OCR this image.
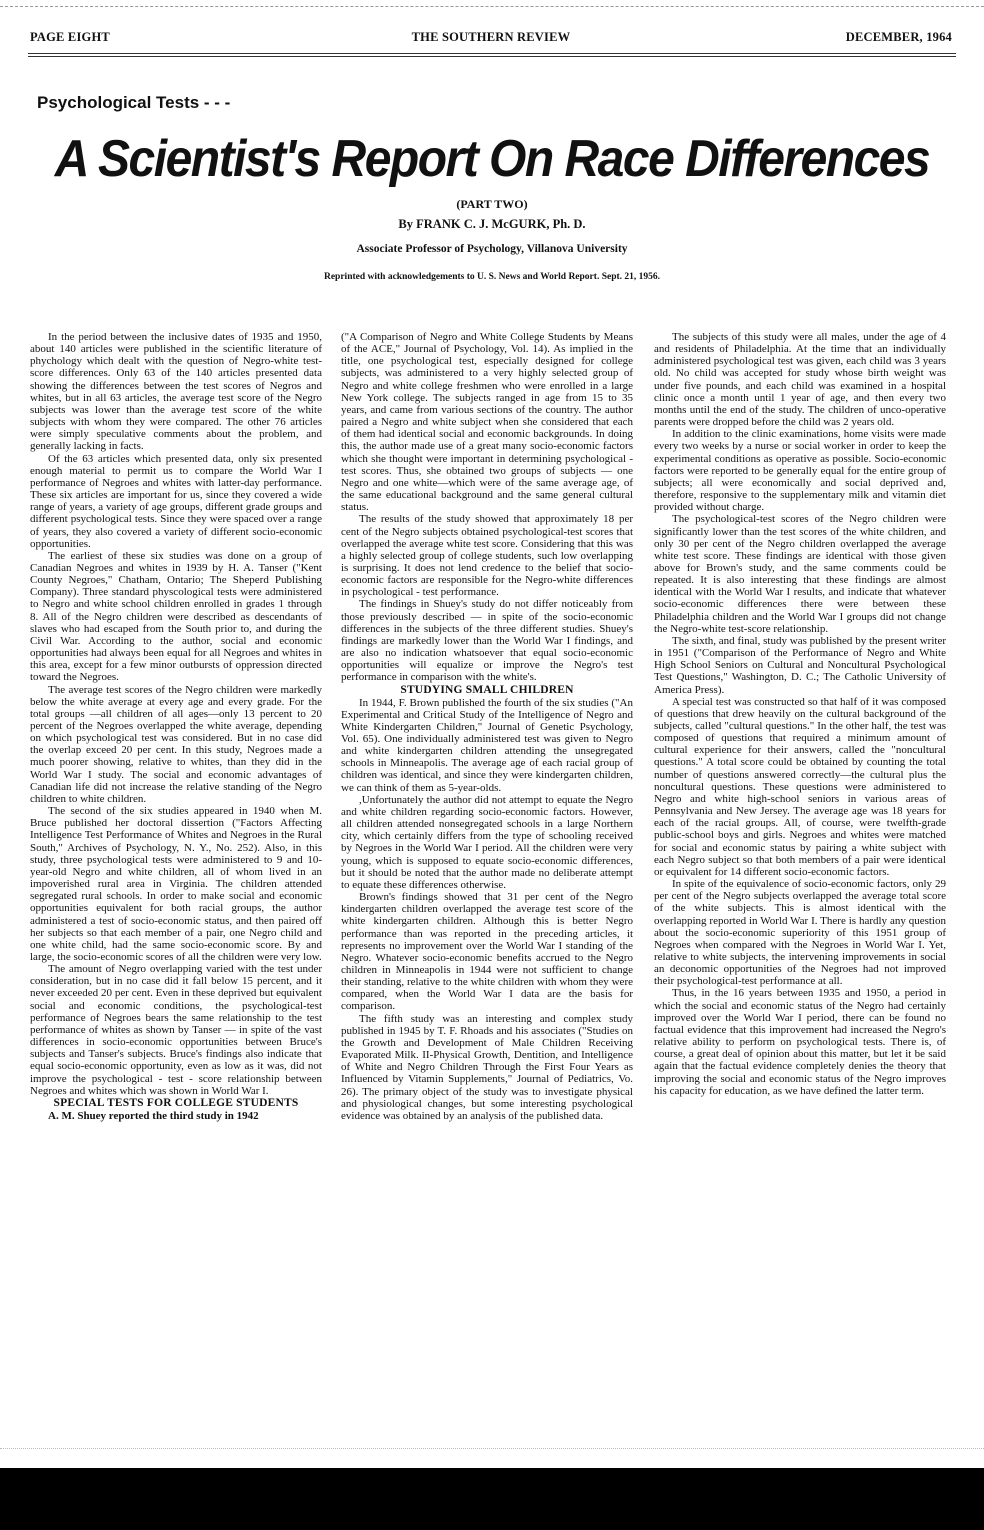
PAGE EIGHT	THE SOUTHERN REVIEW	DECEMBER, 1964
Psychological Tests - - -
A Scientist's Report On Race Differences
(PART TWO)
By FRANK C. J. McGURK, Ph. D.
Associate Professor of Psychology, Villanova University
Reprinted with acknowledgements to U. S. News and World Report. Sept. 21, 1956.

In the period between the inclusive dates of 1935 and 1950, about 140 articles were published in the scientific literature of phychology which dealt with the question of Negro-white test-score differences. Only 63 of the 140 articles presented data showing the differences between the test scores of Negros and whites, but in all 63 articles, the average test score of the Negro subjects was lower than the average test score of the white subjects with whom they were compared. The other 76 articles were simply speculative comments about the problem, and generally lacking in facts.

Of the 63 articles which presented data, only six presented enough material to permit us to compare the World War I performance of Negroes and whites with latter-day performance. These six articles are important for us, since they covered a wide range of years, a variety of age groups, different grade groups and different psychological tests. Since they were spaced over a range of years, they also covered a variety of different socio-economic opportunities.

The earliest of these six studies was done on a group of Canadian Negroes and whites in 1939 by H. A. Tanser ("Kent County Negroes," Chatham, Ontario; The Sheperd Publishing Company). Three standard physcological tests were administered to Negro and white school children enrolled in grades 1 through 8. All of the Negro children were described as descendants of slaves who had escaped from the South prior to, and during the Civil War. According to the author, social and economic opportunities had always been equal for all Negroes and whites in this area, except for a few minor outbursts of oppression directed toward the Negroes.

The average test scores of the Negro children were markedly below the white average at every age and every grade. For the total groups —all children of all ages—only 13 percent to 20 percent of the Negroes overlapped the white average, depending on which psychological test was considered. But in no case did the overlap exceed 20 per cent. In this study, Negroes made a much poorer showing, relative to whites, than they did in the World War I study. The social and economic advantages of Canadian life did not increase the relative standing of the Negro children to white children.

The second of the six studies appeared in 1940 when M. Bruce published her doctoral dissertion ("Factors Affecting Intelligence Test Performance of Whites and Negroes in the Rural South," Archives of Psychology, N. Y., No. 252). Also, in this study, three psychological tests were administered to 9 and 10-year-old Negro and white children, all of whom lived in an impoverished rural area in Virginia. The children attended segregated rural schools. In order to make social and economic opportunities equivalent for both racial groups, the author administered a test of socio-economic status, and then paired off her subjects so that each member of a pair, one Negro child and one white child, had the same socio-economic score. By and large, the socio-economic scores of all the children were very low.

The amount of Negro overlapping varied with the test under consideration, but in no case did it fall below 15 percent, and it never exceeded 20 per cent. Even in these deprived but equivalent social and economic conditions, the psychological-test performance of Negroes bears the same relationship to the test performance of whites as shown by Tanser — in spite of the vast differences in socio-economic opportunities between Bruce's subjects and Tanser's subjects. Bruce's findings also indicate that equal socio-economic opportunity, even as low as it was, did not improve the psychological - test - score relationship between Negroes and whites which was shown in World War I.

SPECIAL TESTS FOR COLLEGE STUDENTS

A. M. Shuey reported the third study in 1942

("A Comparison of Negro and White College Students by Means of the ACE," Journal of Psychology, Vol. 14). As implied in the title, one psychological test, especially designed for college subjects, was administered to a very highly selected group of Negro and white college freshmen who were enrolled in a large New York college. The subjects ranged in age from 15 to 35 years, and came from various sections of the country. The author paired a Negro and white subject when she considered that each of them had identical social and economic backgrounds. In doing this, the author made use of a great many socio-economic factors which she thought were important in determining psychological - test scores. Thus, she obtained two groups of subjects — one Negro and one white—which were of the same average age, of the same educational background and the same general cultural status.

The results of the study showed that approximately 18 per cent of the Negro subjects obtained psychological-test scores that overlapped the average white test score. Considering that this was a highly selected group of college students, such low overlapping is surprising. It does not lend credence to the belief that socio-economic factors are responsible for the Negro-white differences in psychological - test performance.

The findings in Shuey's study do not differ noticeably from those previously described — in spite of the socio-economic differences in the subjects of the three different studies. Shuey's findings are markedly lower than the World War I findings, and are also no indication whatsoever that equal socio-economic opportunities will equalize or improve the Negro's test performance in comparison with the white's.

STUDYING SMALL CHILDREN

In 1944, F. Brown published the fourth of the six studies ("An Experimental and Critical Study of the Intelligence of Negro and White Kindergarten Children," Journal of Genetic Psychology, Vol. 65). One individually administered test was given to Negro and white kindergarten children attending the unsegregated schools in Minneapolis. The average age of each racial group of children was identical, and since they were kindergarten children, we can think of them as 5-year-olds.

,Unfortunately the author did not attempt to equate the Negro and white children regarding socio-economic factors. However, all children attended nonsegregated schools in a large Northern city, which certainly differs from the type of schooling received by Negroes in the World War I period. All the children were very young, which is supposed to equate socio-economic differences, but it should be noted that the author made no deliberate attempt to equate these differences otherwise.

Brown's findings showed that 31 per cent of the Negro kindergarten children overlapped the average test score of the white kindergarten children. Although this is better Negro performance than was reported in the preceding articles, it represents no improvement over the World War I standing of the Negro. Whatever socio-economic benefits accrued to the Negro children in Minneapolis in 1944 were not sufficient to change their standing, relative to the white children with whom they were compared, when the World War I data are the basis for comparison.

The fifth study was an interesting and complex study published in 1945 by T. F. Rhoads and his associates ("Studies on the Growth and Development of Male Children Receiving Evaporated Milk. II-Physical Growth, Dentition, and Intelligence of White and Negro Children Through the First Four Years as Influenced by Vitamin Supplements," Journal of Pediatrics, Vo. 26). The primary object of the study was to investigate physical and physiological changes, but some interesting psychological evidence was obtained by an analysis of the published data.

The subjects of this study were all males, under the age of 4 and residents of Philadelphia. At the time that an individually administered psychological test was given, each child was 3 years old. No child was accepted for study whose birth weight was under five pounds, and each child was examined in a hospital clinic once a month until 1 year of age, and then every two months until the end of the study. The children of unco-operative parents were dropped before the child was 2 years old.

In addition to the clinic examinations, home visits were made every two weeks by a nurse or social worker in order to keep the experimental conditions as operative as possible. Socio-economic factors were reported to be generally equal for the entire group of subjects; all were economically and social deprived and, therefore, responsive to the supplementary milk and vitamin diet provided without charge.

The psychological-test scores of the Negro children were significantly lower than the test scores of the white children, and only 30 per cent of the Negro children overlapped the average white test score. These findings are identical with those given above for Brown's study, and the same comments could be repeated. It is also interesting that these findings are almost identical with the World War I results, and indicate that whatever socio-economic differences there were between these Philadelphia children and the World War I groups did not change the Negro-white test-score relationship.

The sixth, and final, study was published by the present writer in 1951 ("Comparison of the Performance of Negro and White High School Seniors on Cultural and Noncultural Psychological Test Questions," Washington, D. C.; The Catholic University of America Press).

A special test was constructed so that half of it was composed of questions that drew heavily on the cultural background of the subjects, called "cultural questions." In the other half, the test was composed of questions that required a minimum amount of cultural experience for their answers, called the "noncultural questions." A total score could be obtained by counting the total number of questions answered correctly—the cultural plus the noncultural questions. These questions were administered to Negro and white high-school seniors in various areas of Pennsylvania and New Jersey. The average age was 18 years for each of the racial groups. All, of course, were twelfth-grade public-school boys and girls. Negroes and whites were matched for social and economic status by pairing a white subject with each Negro subject so that both members of a pair were identical or equivalent for 14 different socio-economic factors.

In spite of the equivalence of socio-economic factors, only 29 per cent of the Negro subjects overlapped the average total score of the white subjects. This is almost identical with the overlapping reported in World War I. There is hardly any question about the socio-economic superiority of this 1951 group of Negroes when compared with the Negroes in World War I. Yet, relative to white subjects, the intervening improvements in social an deconomic opportunities of the Negroes had not improved their psychological-test performance at all.

Thus, in the 16 years between 1935 and 1950, a period in which the social and economic status of the Negro had certainly improved over the World War I period, there can be found no factual evidence that this improvement had increased the Negro's relative ability to perform on psychological tests. There is, of course, a great deal of opinion about this matter, but let it be said again that the factual evidence completely denies the theory that improving the social and economic status of the Negro improves his capacity for education, as we have defined the latter term.
